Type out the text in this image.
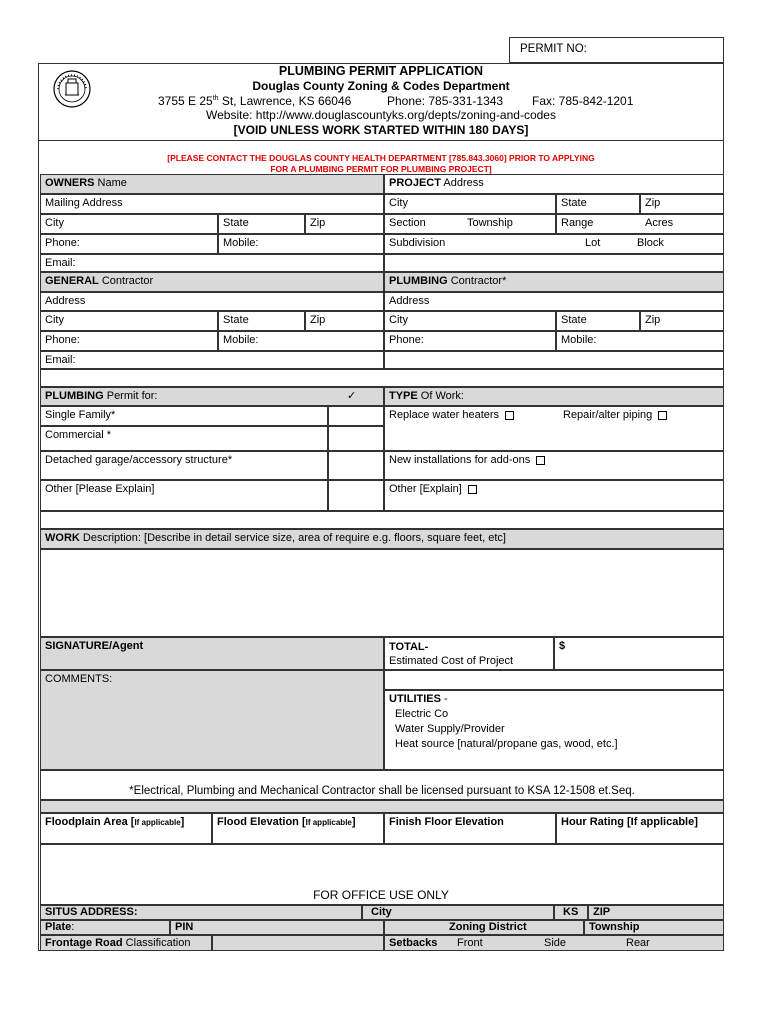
PERMIT NO:
PLUMBING PERMIT APPLICATION
Douglas County Zoning & Codes Department
3755 E 25th St, Lawrence, KS 66046	Phone: 785-331-1343 Fax: 785-842-1201
Website: http://www.douglascountyks.org/depts/zoning-and-codes
[VOID UNLESS WORK STARTED WITHIN 180 DAYS]
[PLEASE CONTACT THE DOUGLAS COUNTY HEALTH DEPARTMENT [785.843.3060] PRIOR TO APPLYING
FOR A PLUMBING PERMIT FOR PLUMBING PROJECT]
OWNERS Name
Mailing Address
City	State	Zip
Phone:	Mobile:
Email:
PROJECT Address
City	State	Zip
Section	Township	Range	Acres
Subdivision	Lot	Block
GENERAL Contractor
Address
City	State	Zip
Phone:	Mobile:
Email:
PLUMBING Contractor*
Address
City	State	Zip
Phone:	Mobile:
PLUMBING Permit for:	✓
Single Family*
Commercial *
Detached garage/accessory structure*
Other [Please Explain]
TYPE Of Work:
Replace water heaters	Repair/alter piping
New installations for add-ons
Other [Explain]
WORK Description: [Describe in detail service size, area of require e.g. floors, square feet, etc]
SIGNATURE/Agent	TOTAL-
Estimated Cost of Project
$
COMMENTS:
UTILITIES -
Electric Co
Water Supply/Provider
Heat source [natural/propane gas, wood, etc.]
*Electrical, Plumbing and Mechanical Contractor shall be licensed pursuant to KSA 12-1508 et.Seq.
Floodplain Area [If applicable]	Flood Elevation [If applicable]	Finish Floor Elevation	Hour Rating [If applicable]
FOR OFFICE USE ONLY
SITUS ADDRESS:	City	KS	ZIP
Plate:	PIN	Zoning District	Township
Frontage Road Classification	Setbacks Front	Side	Rear
